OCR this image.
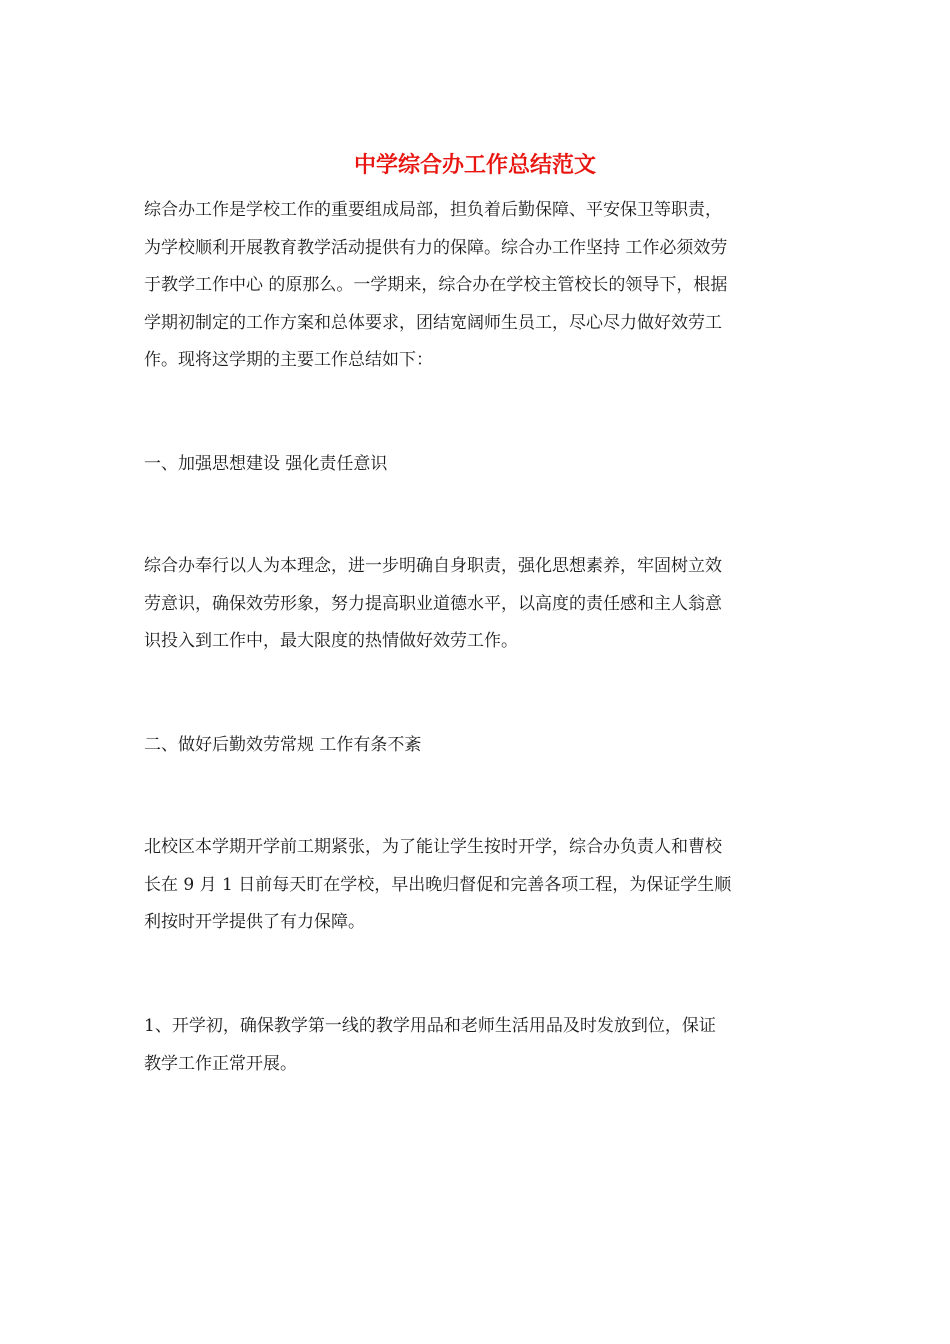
中学综合办工作总结范文
综合办工作是学校工作的重要组成局部，担负着后勤保障、平安保卫等职责，
为学校顺利开展教育教学活动提供有力的保障。综合办工作坚持 工作必须效劳
于教学工作中心 的原那么。一学期来，综合办在学校主管校长的领导下，根据
学期初制定的工作方案和总体要求，团结宽阔师生员工，尽心尽力做好效劳工
作。现将这学期的主要工作总结如下：
一、加强思想建设 强化责任意识
综合办奉行以人为本理念，进一步明确自身职责，强化思想素养，牢固树立效
劳意识，确保效劳形象，努力提高职业道德水平，以高度的责任感和主人翁意
识投入到工作中，最大限度的热情做好效劳工作。
二、做好后勤效劳常规 工作有条不紊
北校区本学期开学前工期紧张，为了能让学生按时开学，综合办负责人和曹校
长在 9 月 1 日前每天盯在学校，早出晚归督促和完善各项工程，为保证学生顺
利按时开学提供了有力保障。
1、开学初，确保教学第一线的教学用品和老师生活用品及时发放到位，保证
教学工作正常开展。
